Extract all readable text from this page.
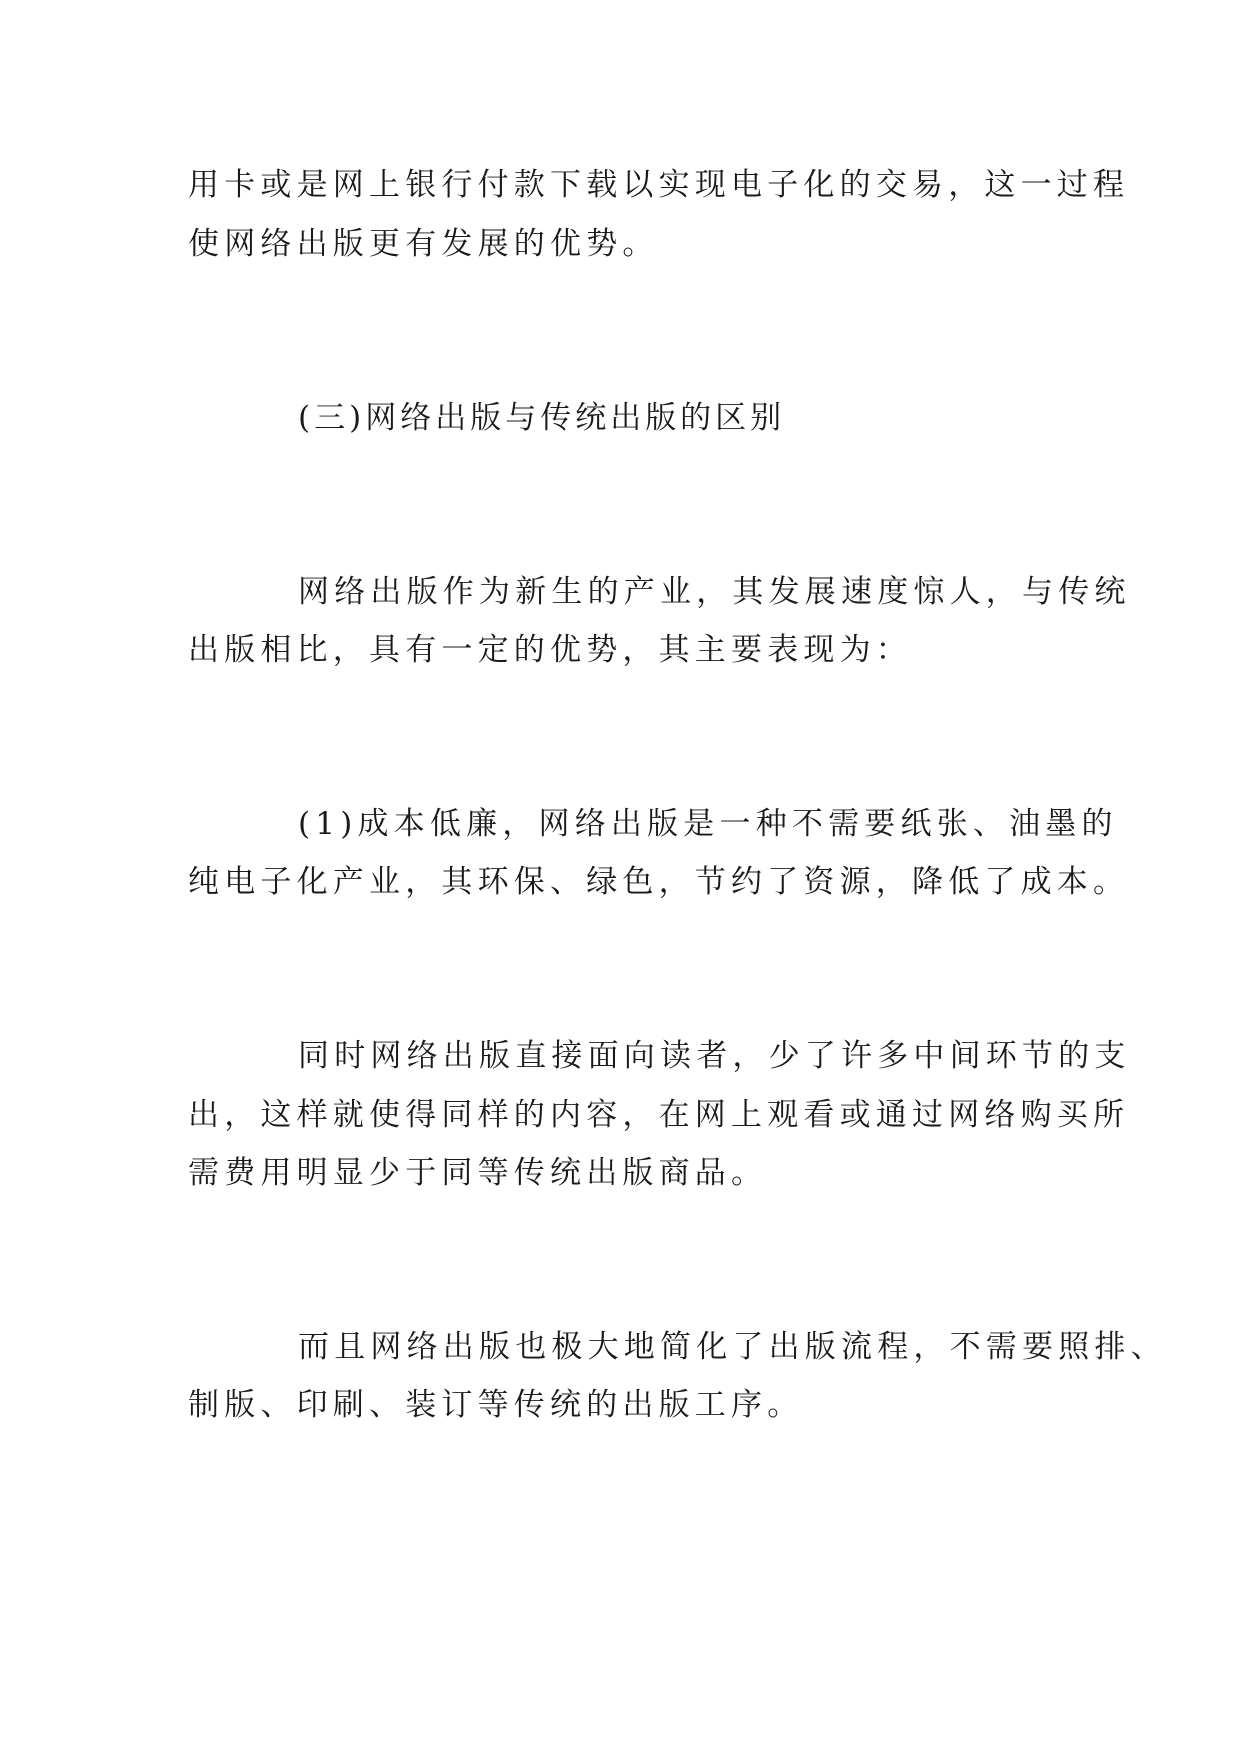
用卡或是网上银行付款下载以实现电子化的交易，这一过程
使网络出版更有发展的优势。
(三)网络出版与传统出版的区别
网络出版作为新生的产业，其发展速度惊人，与传统
出版相比，具有一定的优势，其主要表现为：
(1)成本低廉，网络出版是一种不需要纸张、油墨的
纯电子化产业，其环保、绿色，节约了资源，降低了成本。
同时网络出版直接面向读者，少了许多中间环节的支
出，这样就使得同样的内容，在网上观看或通过网络购买所
需费用明显少于同等传统出版商品。
而且网络出版也极大地简化了出版流程，不需要照排、
制版、印刷、装订等传统的出版工序。
